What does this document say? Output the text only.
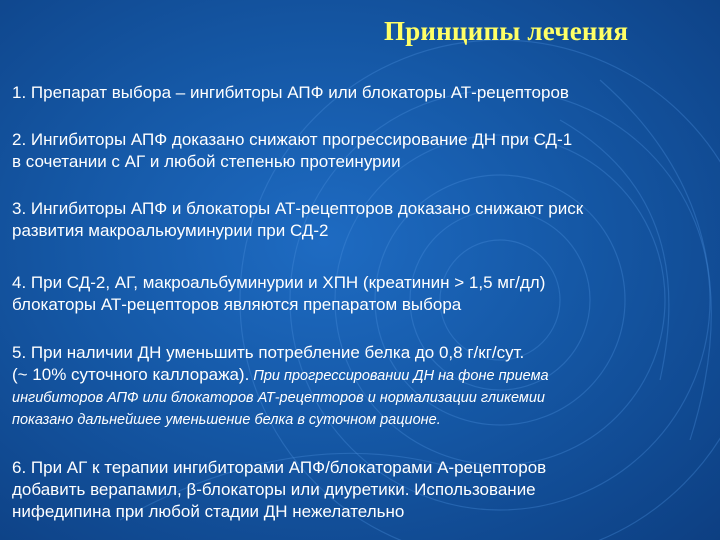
Принципы лечения
1. Препарат выбора – ингибиторы АПФ или блокаторы АТ-рецепторов
2. Ингибиторы АПФ доказано снижают прогрессирование ДН при СД-1
в сочетании с АГ и любой степенью протеинурии
3. Ингибиторы АПФ и блокаторы АТ-рецепторов доказано снижают риск
развития макроальюуминурии при СД-2
4. При СД-2, АГ, макроальбуминурии и ХПН (креатинин > 1,5 мг/дл)
блокаторы АТ-рецепторов являются препаратом выбора
5. При наличии ДН уменьшить потребление белка до 0,8 г/кг/сут.
(~ 10% суточного каллоража). При прогрессировании ДН на фоне приема
ингибиторов АПФ или блокаторов АТ-рецепторов и нормализации гликемии
показано дальнейшее уменьшение белка в суточном рационе.
6. При АГ к терапии ингибиторами АПФ/блокаторами А-рецепторов
добавить верапамил, β-блокаторы или диуретики. Использование
нифедипина при любой стадии ДН нежелательно
